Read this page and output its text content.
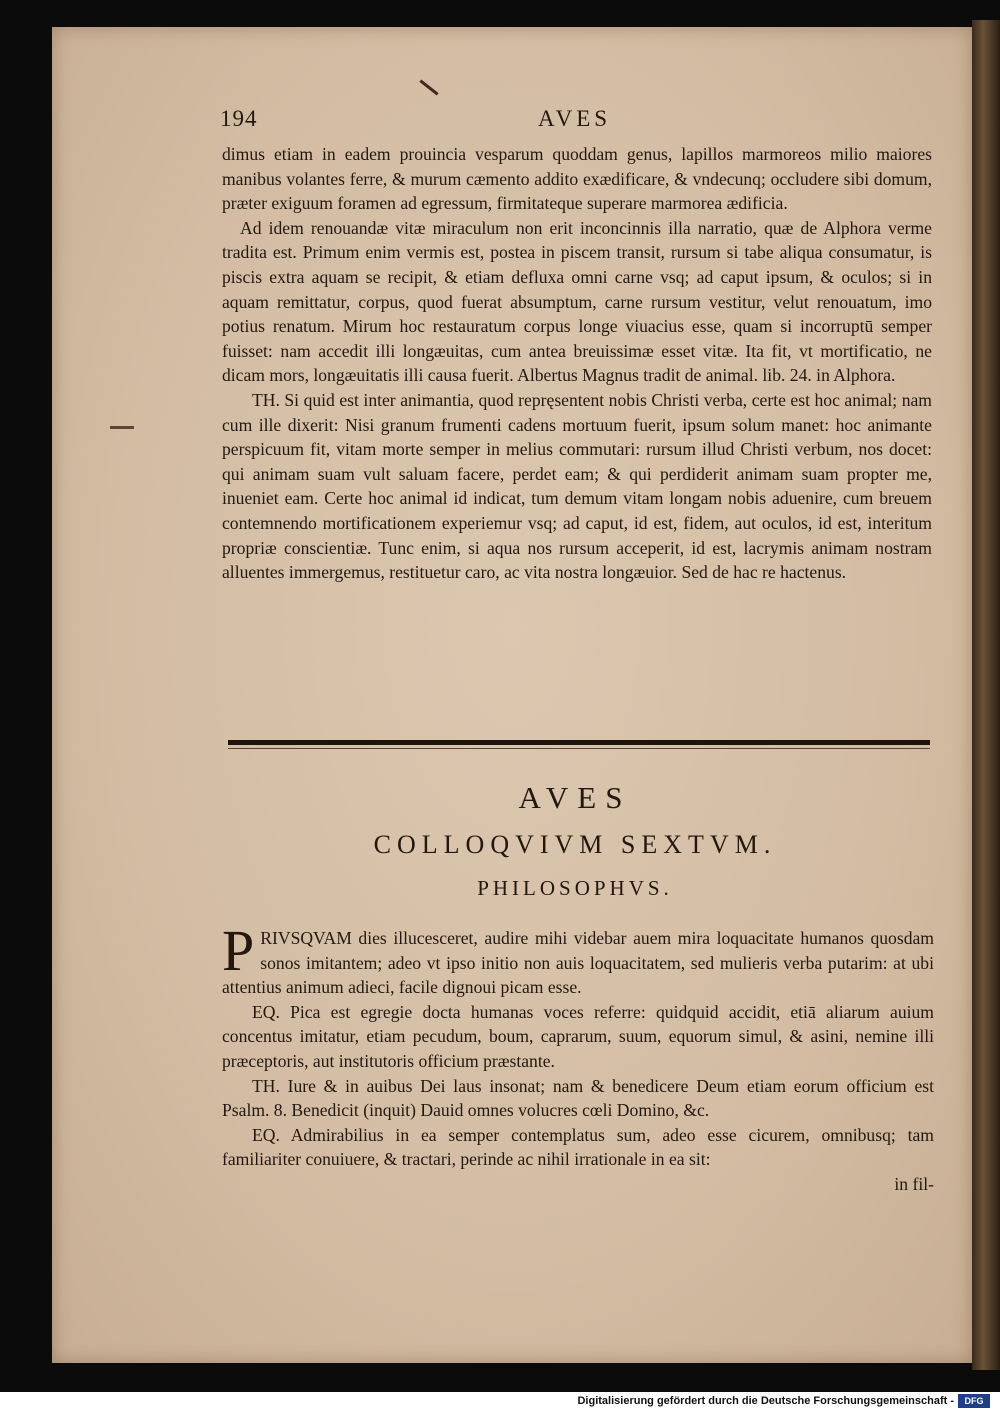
194	AVES

dimus etiam in eadem prouincia vesparum quoddam genus, lapillos marmoreos milio maiores manibus volantes ferre, & murum cæmento addito exædificare, & vndecunq; occludere sibi domum, præter exiguum foramen ad egressum, firmitateque superare marmorea ædificia.

Ad idem renouandæ vitæ miraculum non erit inconcinnis illa narratio, quæ de Alphora verme tradita est. Primum enim vermis est, postea in piscem transit, rursum si tabe aliqua consumatur, is piscis extra aquam se recipit, & etiam defluxa omni carne vsq; ad caput ipsum, & oculos; si in aquam remittatur, corpus, quod fuerat absumptum, carne rursum vestitur, velut renouatum, imo potius renatum. Mirum hoc restauratum corpus longe viuacius esse, quam si incorruptū semper fuisset: nam accedit illi longæuitas, cum antea breuissimæ esset vitæ. Ita fit, vt mortificatio, ne dicam mors, longæuitatis illi causa fuerit. Albertus Magnus tradit de animal. lib. 24. in Alphora.

TH. Si quid est inter animantia, quod repręsentent nobis Christi verba, certe est hoc animal; nam cum ille dixerit: Nisi granum frumenti cadens mortuum fuerit, ipsum solum manet: hoc animante perspicuum fit, vitam morte semper in melius commutari: rursum illud Christi verbum, nos docet: qui animam suam vult saluam facere, perdet eam; & qui perdiderit animam suam propter me, inueniet eam. Certe hoc animal id indicat, tum demum vitam longam nobis aduenire, cum breuem contemnendo mortificationem experiemur vsq; ad caput, id est, fidem, aut oculos, id est, interitum propriæ conscientiæ. Tunc enim, si aqua nos rursum acceperit, id est, lacrymis animam nostram alluentes immergemus, restituetur caro, ac vita nostra longæuior. Sed de hac re hactenus.

AVES
COLLOQVIVM SEXTVM.
PHILOSOPHVS.

PRIVSQVAM dies illucesceret, audire mihi videbar auem mira loquacitate humanos quosdam sonos imitantem; adeo vt ipso initio non auis loquacitatem, sed mulieris verba putarim: at ubi attentius animum adieci, facile dignoui picam esse.

EQ. Pica est egregie docta humanas voces referre: quidquid accidit, etiā aliarum auium concentus imitatur, etiam pecudum, boum, caprarum, suum, equorum simul, & asini, nemine illi præceptoris, aut institutoris officium præstante.

TH. Iure & in auibus Dei laus insonat; nam & benedicere Deum etiam eorum officium est Psalm. 8. Benedicit (inquit) Dauid omnes volucres cœli Domino, &c.

EQ. Admirabilius in ea semper contemplatus sum, adeo esse cicurem, omnibusq; tam familiariter conuiuere, & tractari, perinde ac nihil irrationale in ea sit:

in fil-

Digitalisierung gefördert durch die Deutsche Forschungsgemeinschaft -	DFG
